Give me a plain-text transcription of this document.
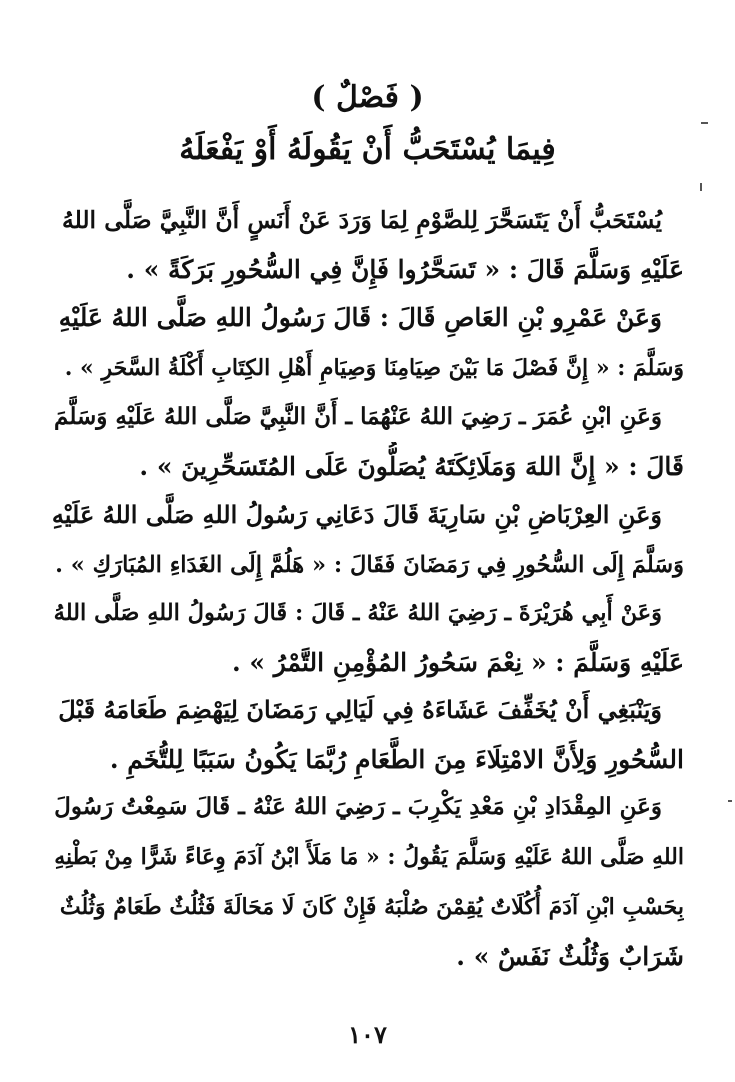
( فَصْلٌ )
فِيمَا يُسْتَحَبُّ أَنْ يَقُولَهُ أَوْ يَفْعَلَهُ
يُسْتَحَبُّ أَنْ يَتَسَحَّرَ لِلصَّوْمِ لِمَا وَرَدَ عَنْ أَنَسٍ أَنَّ النَّبِيَّ صَلَّى اللهُ
عَلَيْهِ وَسَلَّمَ قَالَ : « تَسَحَّرُوا فَإِنَّ فِي السُّحُورِ بَرَكَةً » .
وَعَنْ عَمْرِو بْنِ العَاصِ قَالَ : قَالَ رَسُولُ اللهِ صَلَّى اللهُ عَلَيْهِ
وَسَلَّمَ : « إِنَّ فَصْلَ مَا بَيْنَ صِيَامِنَا وَصِيَامِ أَهْلِ الكِتَابِ أَكْلَةُ السَّحَرِ » .
وَعَنِ ابْنِ عُمَرَ ـ رَضِيَ اللهُ عَنْهُمَا ـ أَنَّ النَّبِيَّ صَلَّى اللهُ عَلَيْهِ وَسَلَّمَ
قَالَ : « إِنَّ اللهَ وَمَلَائِكَتَهُ يُصَلُّونَ عَلَى المُتَسَحِّرِينَ » .
وَعَنِ العِرْبَاضِ بْنِ سَارِيَةَ قَالَ دَعَانِي رَسُولُ اللهِ صَلَّى اللهُ عَلَيْهِ
وَسَلَّمَ إِلَى السُّحُورِ فِي رَمَضَانَ فَقَالَ : « هَلُمَّ إِلَى الغَدَاءِ المُبَارَكِ » .
وَعَنْ أَبِي هُرَيْرَةَ ـ رَضِيَ اللهُ عَنْهُ ـ قَالَ : قَالَ رَسُولُ اللهِ صَلَّى اللهُ
عَلَيْهِ وَسَلَّمَ : « نِعْمَ سَحُورُ المُؤْمِنِ التَّمْرُ » .
وَيَنْبَغِي أَنْ يُخَفِّفَ عَشَاءَهُ فِي لَيَالِي رَمَضَانَ لِيَهْضِمَ طَعَامَهُ قَبْلَ
السُّحُورِ وَلِأَنَّ الامْتِلَاءَ مِنَ الطَّعَامِ رُبَّمَا يَكُونُ سَبَبًا لِلتُّخَمِ .
وَعَنِ المِقْدَادِ بْنِ مَعْدِ يَكْرِبَ ـ رَضِيَ اللهُ عَنْهُ ـ قَالَ سَمِعْتُ رَسُولَ
اللهِ صَلَّى اللهُ عَلَيْهِ وَسَلَّمَ يَقُولُ : « مَا مَلَأَ ابْنُ آدَمَ وِعَاءً شَرًّا مِنْ بَطْنِهِ
بِحَسْبِ ابْنِ آدَمَ أُكُلَاتٌ يُقِمْنَ صُلْبَهُ فَإِنْ كَانَ لَا مَحَالَةَ فَثُلُثٌ طَعَامٌ وَثُلُثٌ
شَرَابٌ وَثُلُثٌ نَفَسٌ » .
١٠٧
